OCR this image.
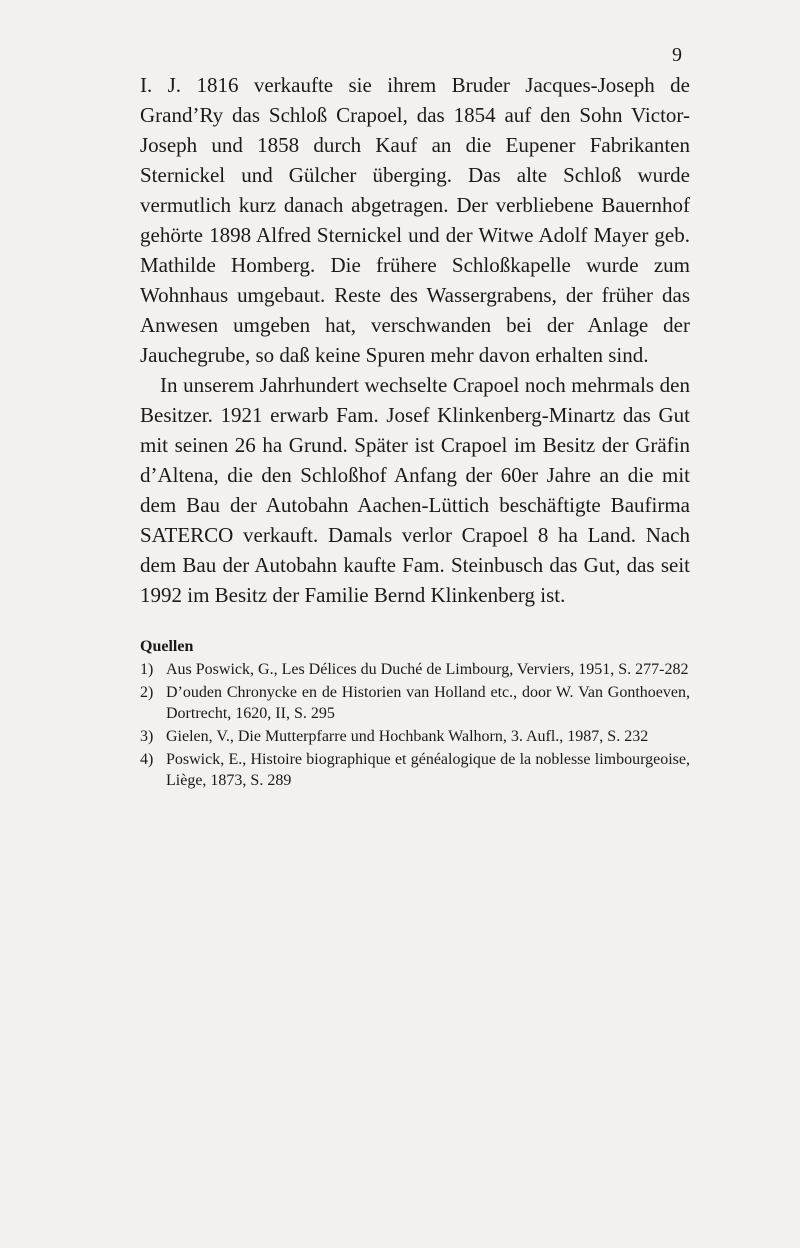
9

I. J. 1816 verkaufte sie ihrem Bruder Jacques-Joseph de Grand’Ry das Schloß Crapoel, das 1854 auf den Sohn Victor-Joseph und 1858 durch Kauf an die Eupener Fabrikanten Sternickel und Gülcher überging. Das alte Schloß wurde vermutlich kurz danach abgetragen. Der verbliebene Bauernhof gehörte 1898 Alfred Sternickel und der Witwe Adolf Mayer geb. Mathilde Homberg. Die frühere Schloßkapelle wurde zum Wohnhaus umgebaut. Reste des Wassergrabens, der früher das Anwesen umgeben hat, verschwanden bei der Anlage der Jauchegrube, so daß keine Spuren mehr davon erhalten sind.

In unserem Jahrhundert wechselte Crapoel noch mehrmals den Besitzer. 1921 erwarb Fam. Josef Klinkenberg-Minartz das Gut mit seinen 26 ha Grund. Später ist Crapoel im Besitz der Gräfin d’Altena, die den Schloßhof Anfang der 60er Jahre an die mit dem Bau der Autobahn Aachen-Lüttich beschäftigte Baufirma SATERCO verkauft. Damals verlor Crapoel 8 ha Land. Nach dem Bau der Autobahn kaufte Fam. Steinbusch das Gut, das seit 1992 im Besitz der Familie Bernd Klinkenberg ist.

Quellen
1) Aus Poswick, G., Les Délices du Duché de Limbourg, Verviers, 1951, S. 277-282
2) D’ouden Chronycke en de Historien van Holland etc., door W. Van Gonthoeven, Dortrecht, 1620, II, S. 295
3) Gielen, V., Die Mutterpfarre und Hochbank Walhorn, 3. Aufl., 1987, S. 232
4) Poswick, E., Histoire biographique et généalogique de la noblesse limbourgeoise, Liège, 1873, S. 289
